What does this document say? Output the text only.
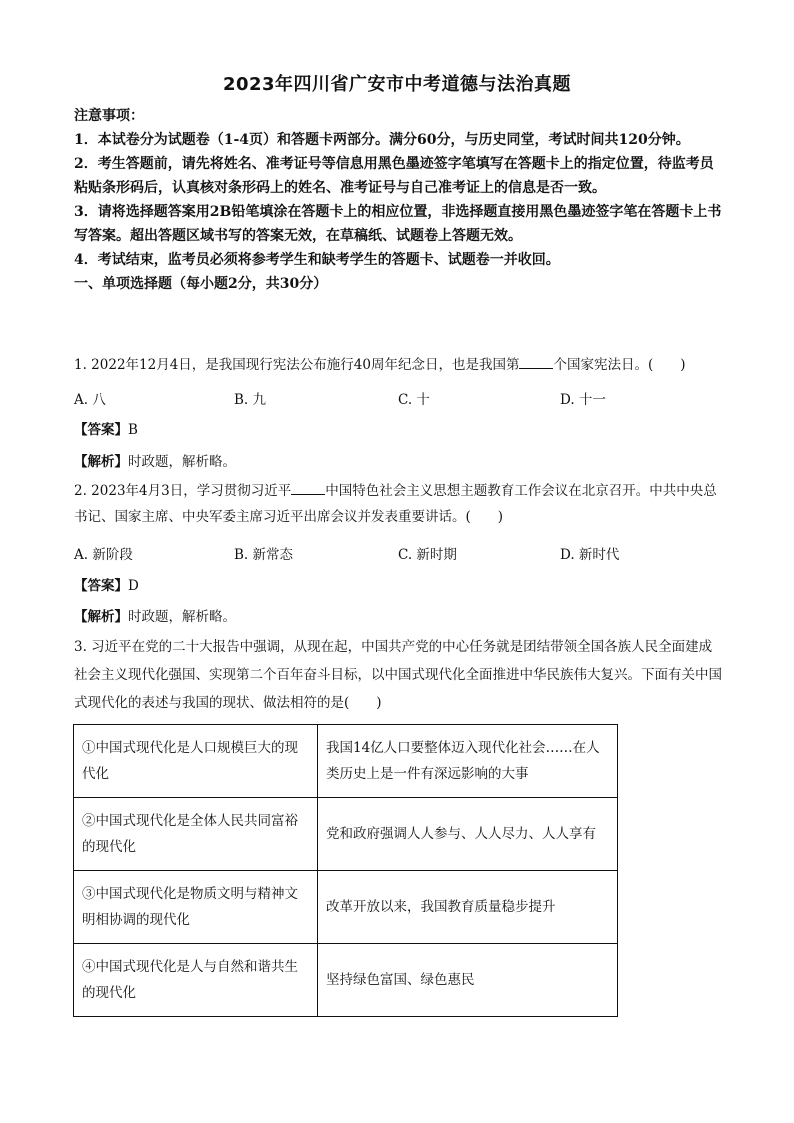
2023年四川省广安市中考道德与法治真题

注意事项：

1．本试卷分为试题卷（1-4页）和答题卡两部分。满分60分，与历史同堂，考试时间共120分钟。

2．考生答题前，请先将姓名、准考证号等信息用黑色墨迹签字笔填写在答题卡上的指定位置，待监考员粘贴条形码后，认真核对条形码上的姓名、准考证号与自己准考证上的信息是否一致。

3．请将选择题答案用2B铅笔填涂在答题卡上的相应位置，非选择题直接用黑色墨迹签字笔在答题卡上书写答案。超出答题区域书写的答案无效，在草稿纸、试题卷上答题无效。

4．考试结束，监考员必须将参考学生和缺考学生的答题卡、试题卷一并收回。

一、单项选择题（每小题2分，共30分）

1. 2022年12月4日，是我国现行宪法公布施行40周年纪念日，也是我国第	个国家宪法日。(　　)
A. 八	B. 九	C. 十	D. 十一
【答案】B
【解析】时政题，解析略。
2. 2023年4月3日，学习贯彻习近平	中国特色社会主义思想主题教育工作会议在北京召开。中共中央总书记、国家主席、中央军委主席习近平出席会议并发表重要讲话。(　　)
A. 新阶段	B. 新常态	C. 新时期	D. 新时代
【答案】D
【解析】时政题，解析略。
3. 习近平在党的二十大报告中强调，从现在起，中国共产党的中心任务就是团结带领全国各族人民全面建成社会主义现代化强国、实现第二个百年奋斗目标，以中国式现代化全面推进中华民族伟大复兴。下面有关中国式现代化的表述与我国的现状、做法相符的是(　　)
①中国式现代化是人口规模巨大的现代化	我国14亿人口要整体迈入现代化社会……在人类历史上是一件有深远影响的大事
②中国式现代化是全体人民共同富裕的现代化	党和政府强调人人参与、人人尽力、人人享有
③中国式现代化是物质文明与精神文明相协调的现代化	改革开放以来，我国教育质量稳步提升
④中国式现代化是人与自然和谐共生的现代化	坚持绿色富国、绿色惠民
